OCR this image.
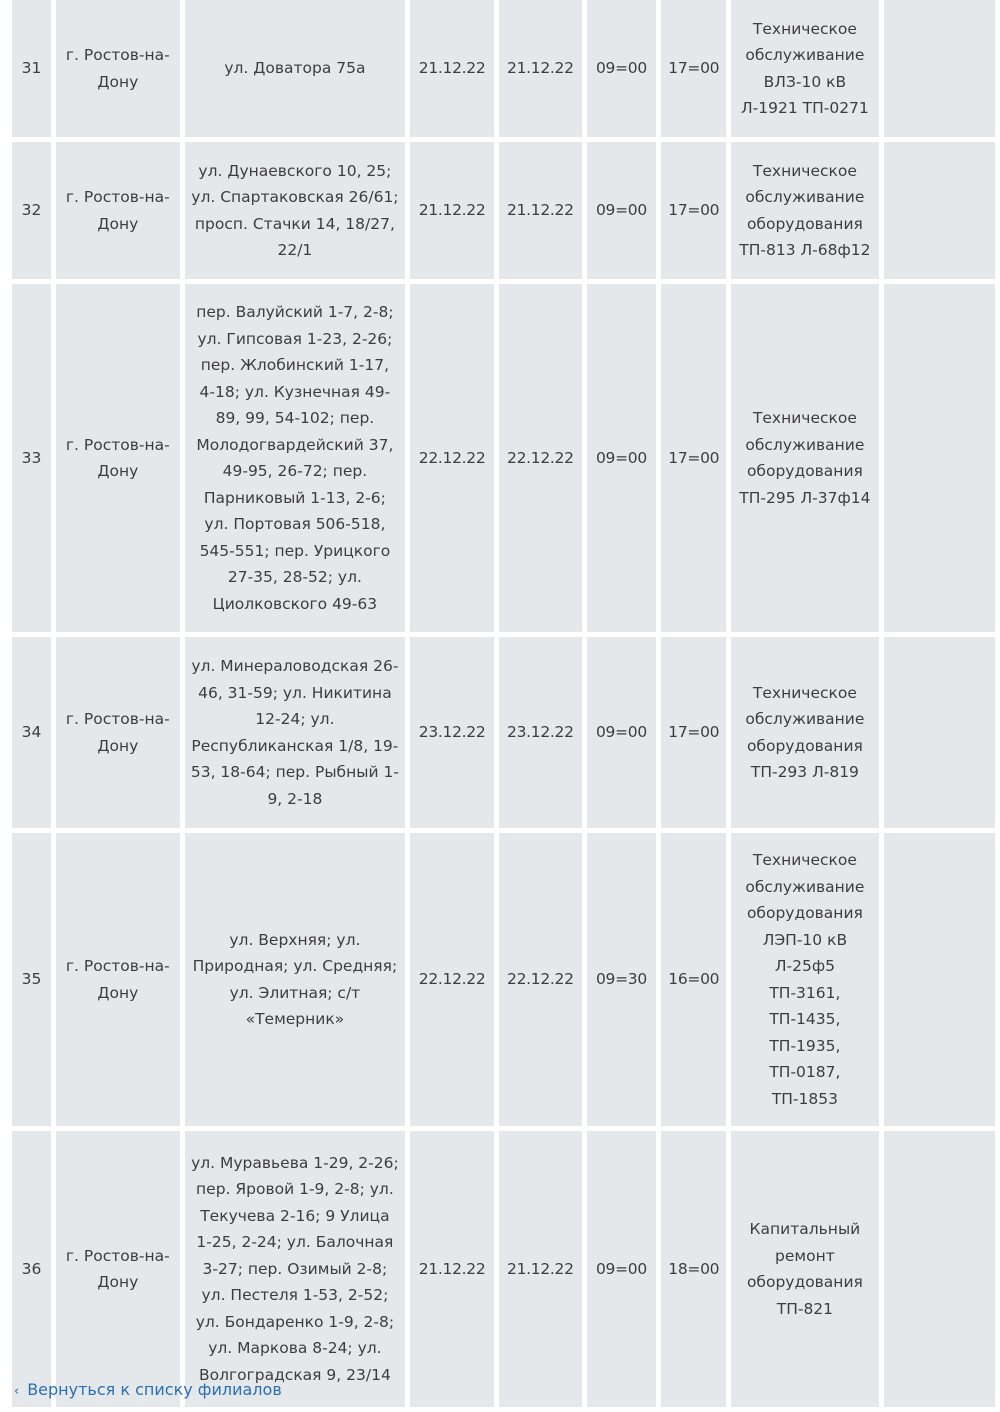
31	г. Ростов-на-Дону	ул. Доватора 75а	21.12.22	21.12.22	09=00	17=00	Техническое обслуживание ВЛЗ-10 кВ Л-1921 ТП-0271	
32	г. Ростов-на-Дону	ул. Дунаевского 10, 25; ул. Спартаковская 26/61; просп. Стачки 14, 18/27, 22/1	21.12.22	21.12.22	09=00	17=00	Техническое обслуживание оборудования ТП-813 Л-68ф12	
33	г. Ростов-на-Дону	пер. Валуйский 1-7, 2-8; ул. Гипсовая 1-23, 2-26; пер. Жлобинский 1-17, 4-18; ул. Кузнечная 49-89, 99, 54-102; пер. Молодогвардейский 37, 49-95, 26-72; пер. Парниковый 1-13, 2-6; ул. Портовая 506-518, 545-551; пер. Урицкого 27-35, 28-52; ул. Циолковского 49-63	22.12.22	22.12.22	09=00	17=00	Техническое обслуживание оборудования ТП-295 Л-37ф14	
34	г. Ростов-на-Дону	ул. Минераловодская 26-46, 31-59; ул. Никитина 12-24; ул. Республиканская 1/8, 19-53, 18-64; пер. Рыбный 1-9, 2-18	23.12.22	23.12.22	09=00	17=00	Техническое обслуживание оборудования ТП-293 Л-819	
35	г. Ростов-на-Дону	ул. Верхняя; ул. Природная; ул. Средняя; ул. Элитная; с/т «Темерник»	22.12.22	22.12.22	09=30	16=00	Техническое обслуживание оборудования ЛЭП-10 кВ Л-25ф5 ТП-3161, ТП-1435, ТП-1935, ТП-0187, ТП-1853	
36	г. Ростов-на-Дону	ул. Муравьева 1-29, 2-26; пер. Яровой 1-9, 2-8; ул. Текучева 2-16; 9 Улица 1-25, 2-24; ул. Балочная 3-27; пер. Озимый 2-8; ул. Пестеля 1-53, 2-52; ул. Бондаренко 1-9, 2-8; ул. Маркова 8-24; ул. Волгоградская 9, 23/14	21.12.22	21.12.22	09=00	18=00	Капитальный ремонт оборудования ТП-821	
‹ Вернуться к списку филиалов
